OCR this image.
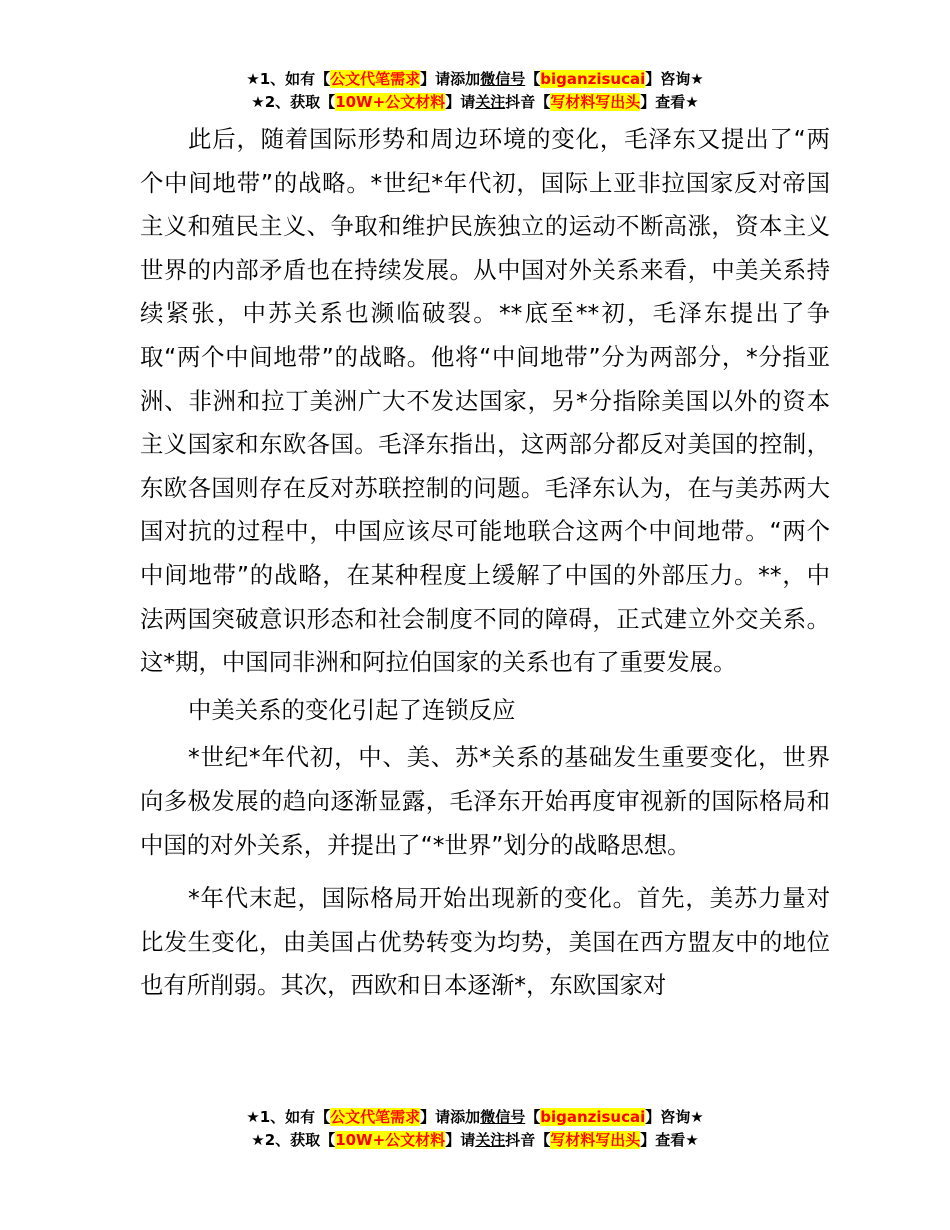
★1、如有【公文代笔需求】请添加微信号【biganzisucai】咨询★
★2、获取【10W+公文材料】请关注抖音【写材料写出头】查看★

此后，随着国际形势和周边环境的变化，毛泽东又提出了“两个中间地带”的战略。*世纪*年代初，国际上亚非拉国家反对帝国主义和殖民主义、争取和维护民族独立的运动不断高涨，资本主义世界的内部矛盾也在持续发展。从中国对外关系来看，中美关系持续紧张，中苏关系也濒临破裂。**底至**初，毛泽东提出了争取“两个中间地带”的战略。他将“中间地带”分为两部分，*分指亚洲、非洲和拉丁美洲广大不发达国家，另*分指除美国以外的资本主义国家和东欧各国。毛泽东指出，这两部分都反对美国的控制，东欧各国则存在反对苏联控制的问题。毛泽东认为，在与美苏两大国对抗的过程中，中国应该尽可能地联合这两个中间地带。“两个中间地带”的战略，在某种程度上缓解了中国的外部压力。**，中法两国突破意识形态和社会制度不同的障碍，正式建立外交关系。这*期，中国同非洲和阿拉伯国家的关系也有了重要发展。

中美关系的变化引起了连锁反应

*世纪*年代初，中、美、苏*关系的基础发生重要变化，世界向多极发展的趋向逐渐显露，毛泽东开始再度审视新的国际格局和中国的对外关系，并提出了“*世界”划分的战略思想。

*年代末起，国际格局开始出现新的变化。首先，美苏力量对比发生变化，由美国占优势转变为均势，美国在西方盟友中的地位也有所削弱。其次，西欧和日本逐渐*，东欧国家对

★1、如有【公文代笔需求】请添加微信号【biganzisucai】咨询★
★2、获取【10W+公文材料】请关注抖音【写材料写出头】查看★
